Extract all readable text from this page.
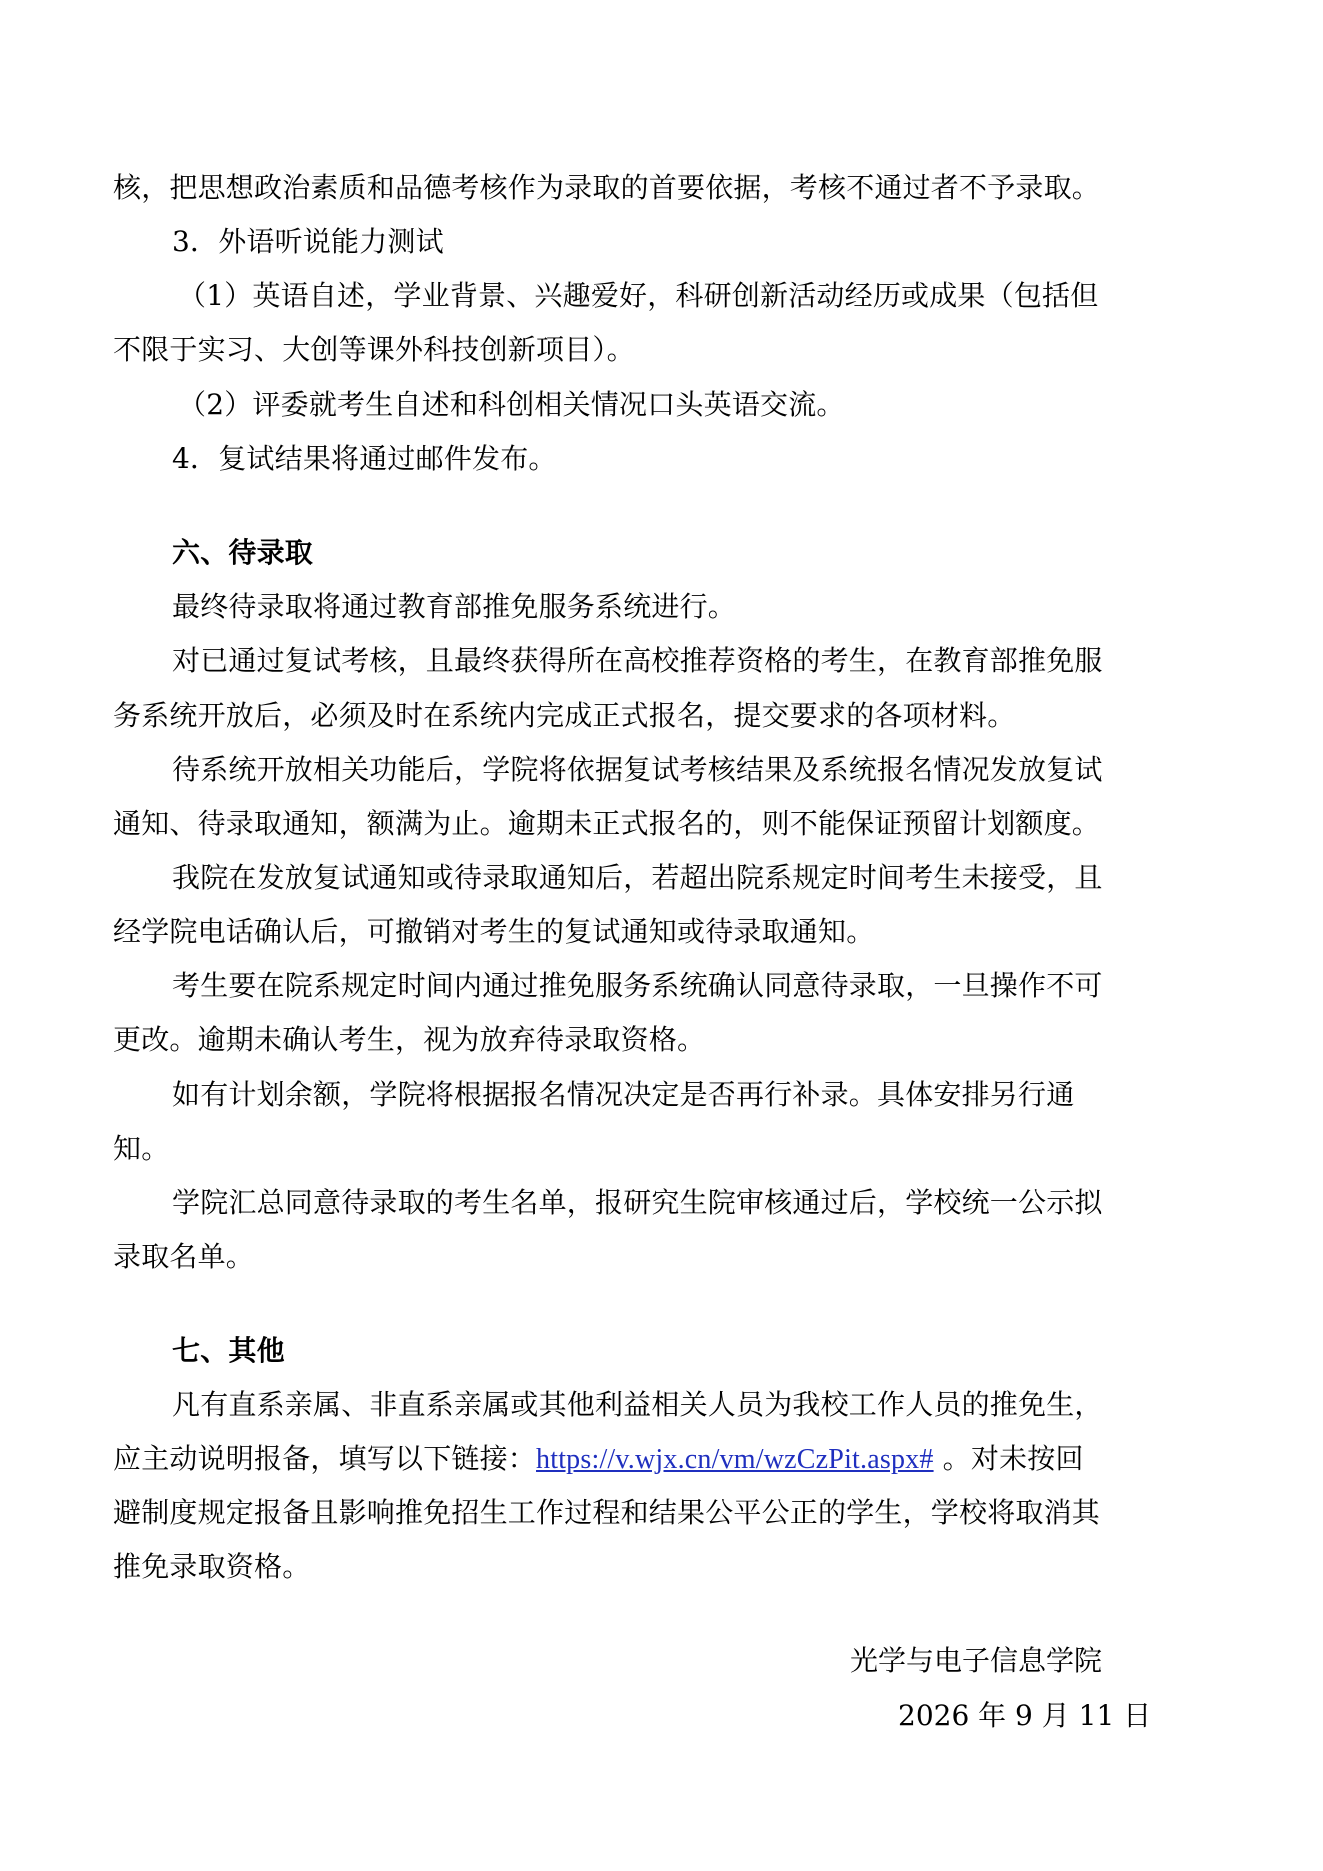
核，把思想政治素质和品德考核作为录取的首要依据，考核不通过者不予录取。
3．外语听说能力测试
（1）英语自述，学业背景、兴趣爱好，科研创新活动经历或成果（包括但
不限于实习、大创等课外科技创新项目）。
（2）评委就考生自述和科创相关情况口头英语交流。
4．复试结果将通过邮件发布。
六、待录取
最终待录取将通过教育部推免服务系统进行。
对已通过复试考核，且最终获得所在高校推荐资格的考生，在教育部推免服
务系统开放后，必须及时在系统内完成正式报名，提交要求的各项材料。
待系统开放相关功能后，学院将依据复试考核结果及系统报名情况发放复试
通知、待录取通知，额满为止。逾期未正式报名的，则不能保证预留计划额度。
我院在发放复试通知或待录取通知后，若超出院系规定时间考生未接受，且
经学院电话确认后，可撤销对考生的复试通知或待录取通知。
考生要在院系规定时间内通过推免服务系统确认同意待录取，一旦操作不可
更改。逾期未确认考生，视为放弃待录取资格。
如有计划余额，学院将根据报名情况决定是否再行补录。具体安排另行通
知。
学院汇总同意待录取的考生名单，报研究生院审核通过后，学校统一公示拟
录取名单。
七、其他
凡有直系亲属、非直系亲属或其他利益相关人员为我校工作人员的推免生，
应主动说明报备，填写以下链接：https://v.wjx.cn/vm/wzCzPit.aspx# 。对未按回
避制度规定报备且影响推免招生工作过程和结果公平公正的学生，学校将取消其
推免录取资格。
光学与电子信息学院
2026 年 9 月 11 日
